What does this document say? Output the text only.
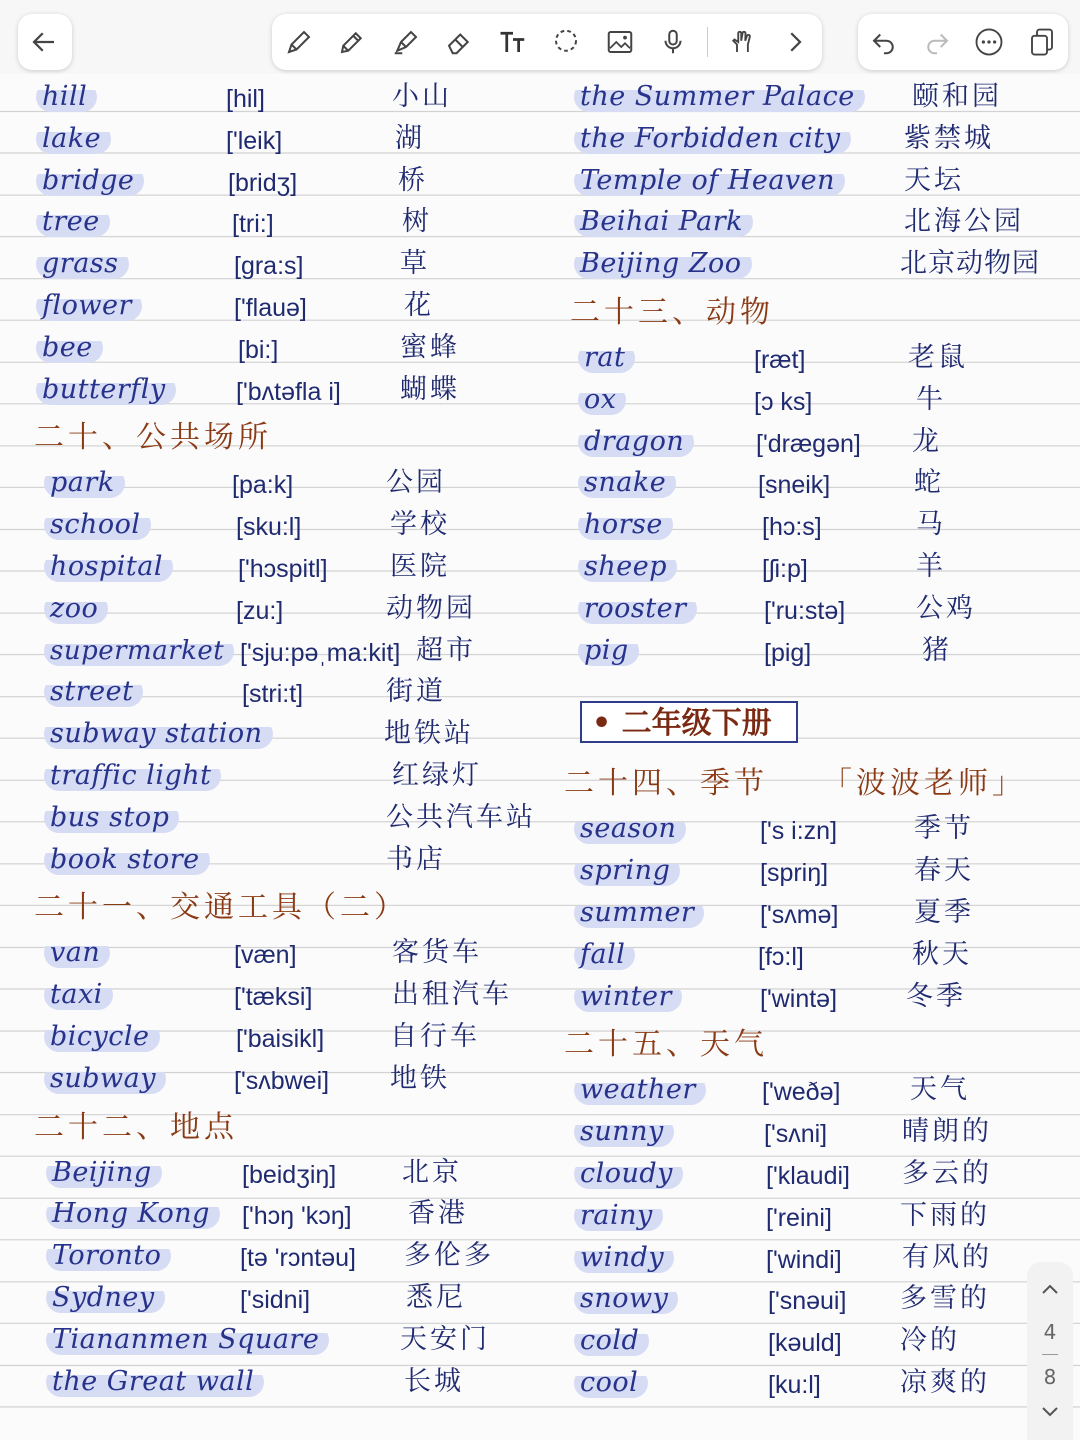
hill	[hil]	小山
lake	['leik]	湖
bridge	[bridʒ]	桥
tree	[tri:]	树
grass	[gra:s]	草
flower	['flauə]	花
bee	[bi:]	蜜蜂
butterfly	['bʌtəfla i] 蝴蝶
二十、公共场所
park	[pa:k]	公园
school	[sku:l]	学校
hospital	['hɔspitl] 医院
zoo	[zu:]	动物园
supermarket ['sju:pəˌma:kit] 超市
street	[stri:t]	街道
subway station	地铁站
traffic light	红绿灯
bus stop	公共汽车站
book store	书店
二十一、交通工具（二）
van	[væn]	客货车
taxi	['tæksi]	出租汽车
bicycle	['baisikl] 自行车
subway	['sʌbwei] 地铁
二十二、地点
Beijing	[beidʒiŋ] 北京
Hong Kong	['hɔŋ 'kɔŋ] 香港
Toronto	[tə 'rɔntəu] 多伦多
Sydney	['sidni]	悉尼
Tiananmen Square	天安门
the Great wall	长城
the Summer Palace	颐和园
the Forbidden city	紫禁城
Temple of Heaven	天坛
Beihai Park	北海公园
Beijing Zoo	北京动物园
二十三、动物
rat	[ræt]	老鼠
ox	[ɔ ks]	牛
dragon	['drægən] 龙
snake	[sneik]	蛇
horse	[hɔ:s]	马
sheep	[ʃi:p]	羊
rooster	['ru:stə]	公鸡
pig	[pig]	猪
二十四、季节 「波波老师」
season	['s i:zn]	季节
spring	[spriŋ]	春天
summer	['sʌmə]	夏季
fall	[fɔ:l]	秋天
winter	['wintə]	冬季
二十五、天气
weather	['weðə]	天气
sunny	['sʌni]	晴朗的
cloudy	['klaudi] 多云的
rainy	['reini]	下雨的
windy	['windi] 有风的
snowy	['snəui] 多雪的
cold	[kəuld] 冷的
cool	[ku:l]	凉爽的
• 二年级下册
4
8
